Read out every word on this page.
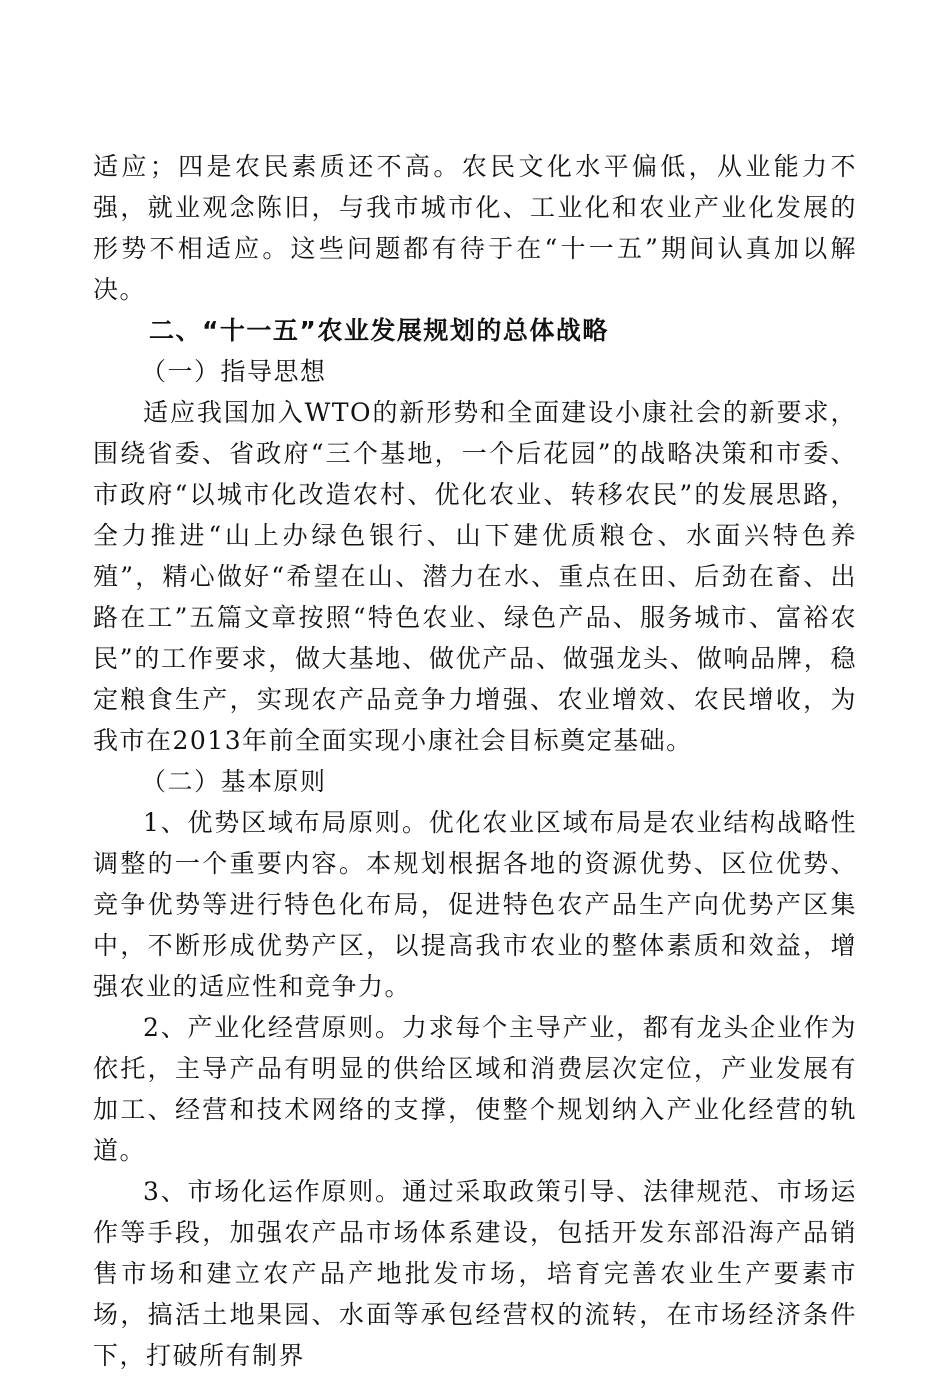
适应；四是农民素质还不高。农民文化水平偏低，从业能力不强，就业观念陈旧，与我市城市化、工业化和农业产业化发展的形势不相适应。这些问题都有待于在“十一五”期间认真加以解决。

二、“十一五”农业发展规划的总体战略

（一）指导思想

适应我国加入WTO的新形势和全面建设小康社会的新要求，围绕省委、省政府“三个基地，一个后花园”的战略决策和市委、市政府“以城市化改造农村、优化农业、转移农民”的发展思路，全力推进“山上办绿色银行、山下建优质粮仓、水面兴特色养殖”，精心做好“希望在山、潜力在水、重点在田、后劲在畜、出路在工”五篇文章按照“特色农业、绿色产品、服务城市、富裕农民”的工作要求，做大基地、做优产品、做强龙头、做响品牌，稳定粮食生产，实现农产品竞争力增强、农业增效、农民增收，为我市在2013年前全面实现小康社会目标奠定基础。

（二）基本原则

1、优势区域布局原则。优化农业区域布局是农业结构战略性调整的一个重要内容。本规划根据各地的资源优势、区位优势、竞争优势等进行特色化布局，促进特色农产品生产向优势产区集中，不断形成优势产区，以提高我市农业的整体素质和效益，增强农业的适应性和竞争力。

2、产业化经营原则。力求每个主导产业，都有龙头企业作为依托，主导产品有明显的供给区域和消费层次定位，产业发展有加工、经营和技术网络的支撑，使整个规划纳入产业化经营的轨道。

3、市场化运作原则。通过采取政策引导、法律规范、市场运作等手段，加强农产品市场体系建设，包括开发东部沿海产品销售市场和建立农产品产地批发市场，培育完善农业生产要素市场，搞活土地果园、水面等承包经营权的流转，在市场经济条件下，打破所有制界
